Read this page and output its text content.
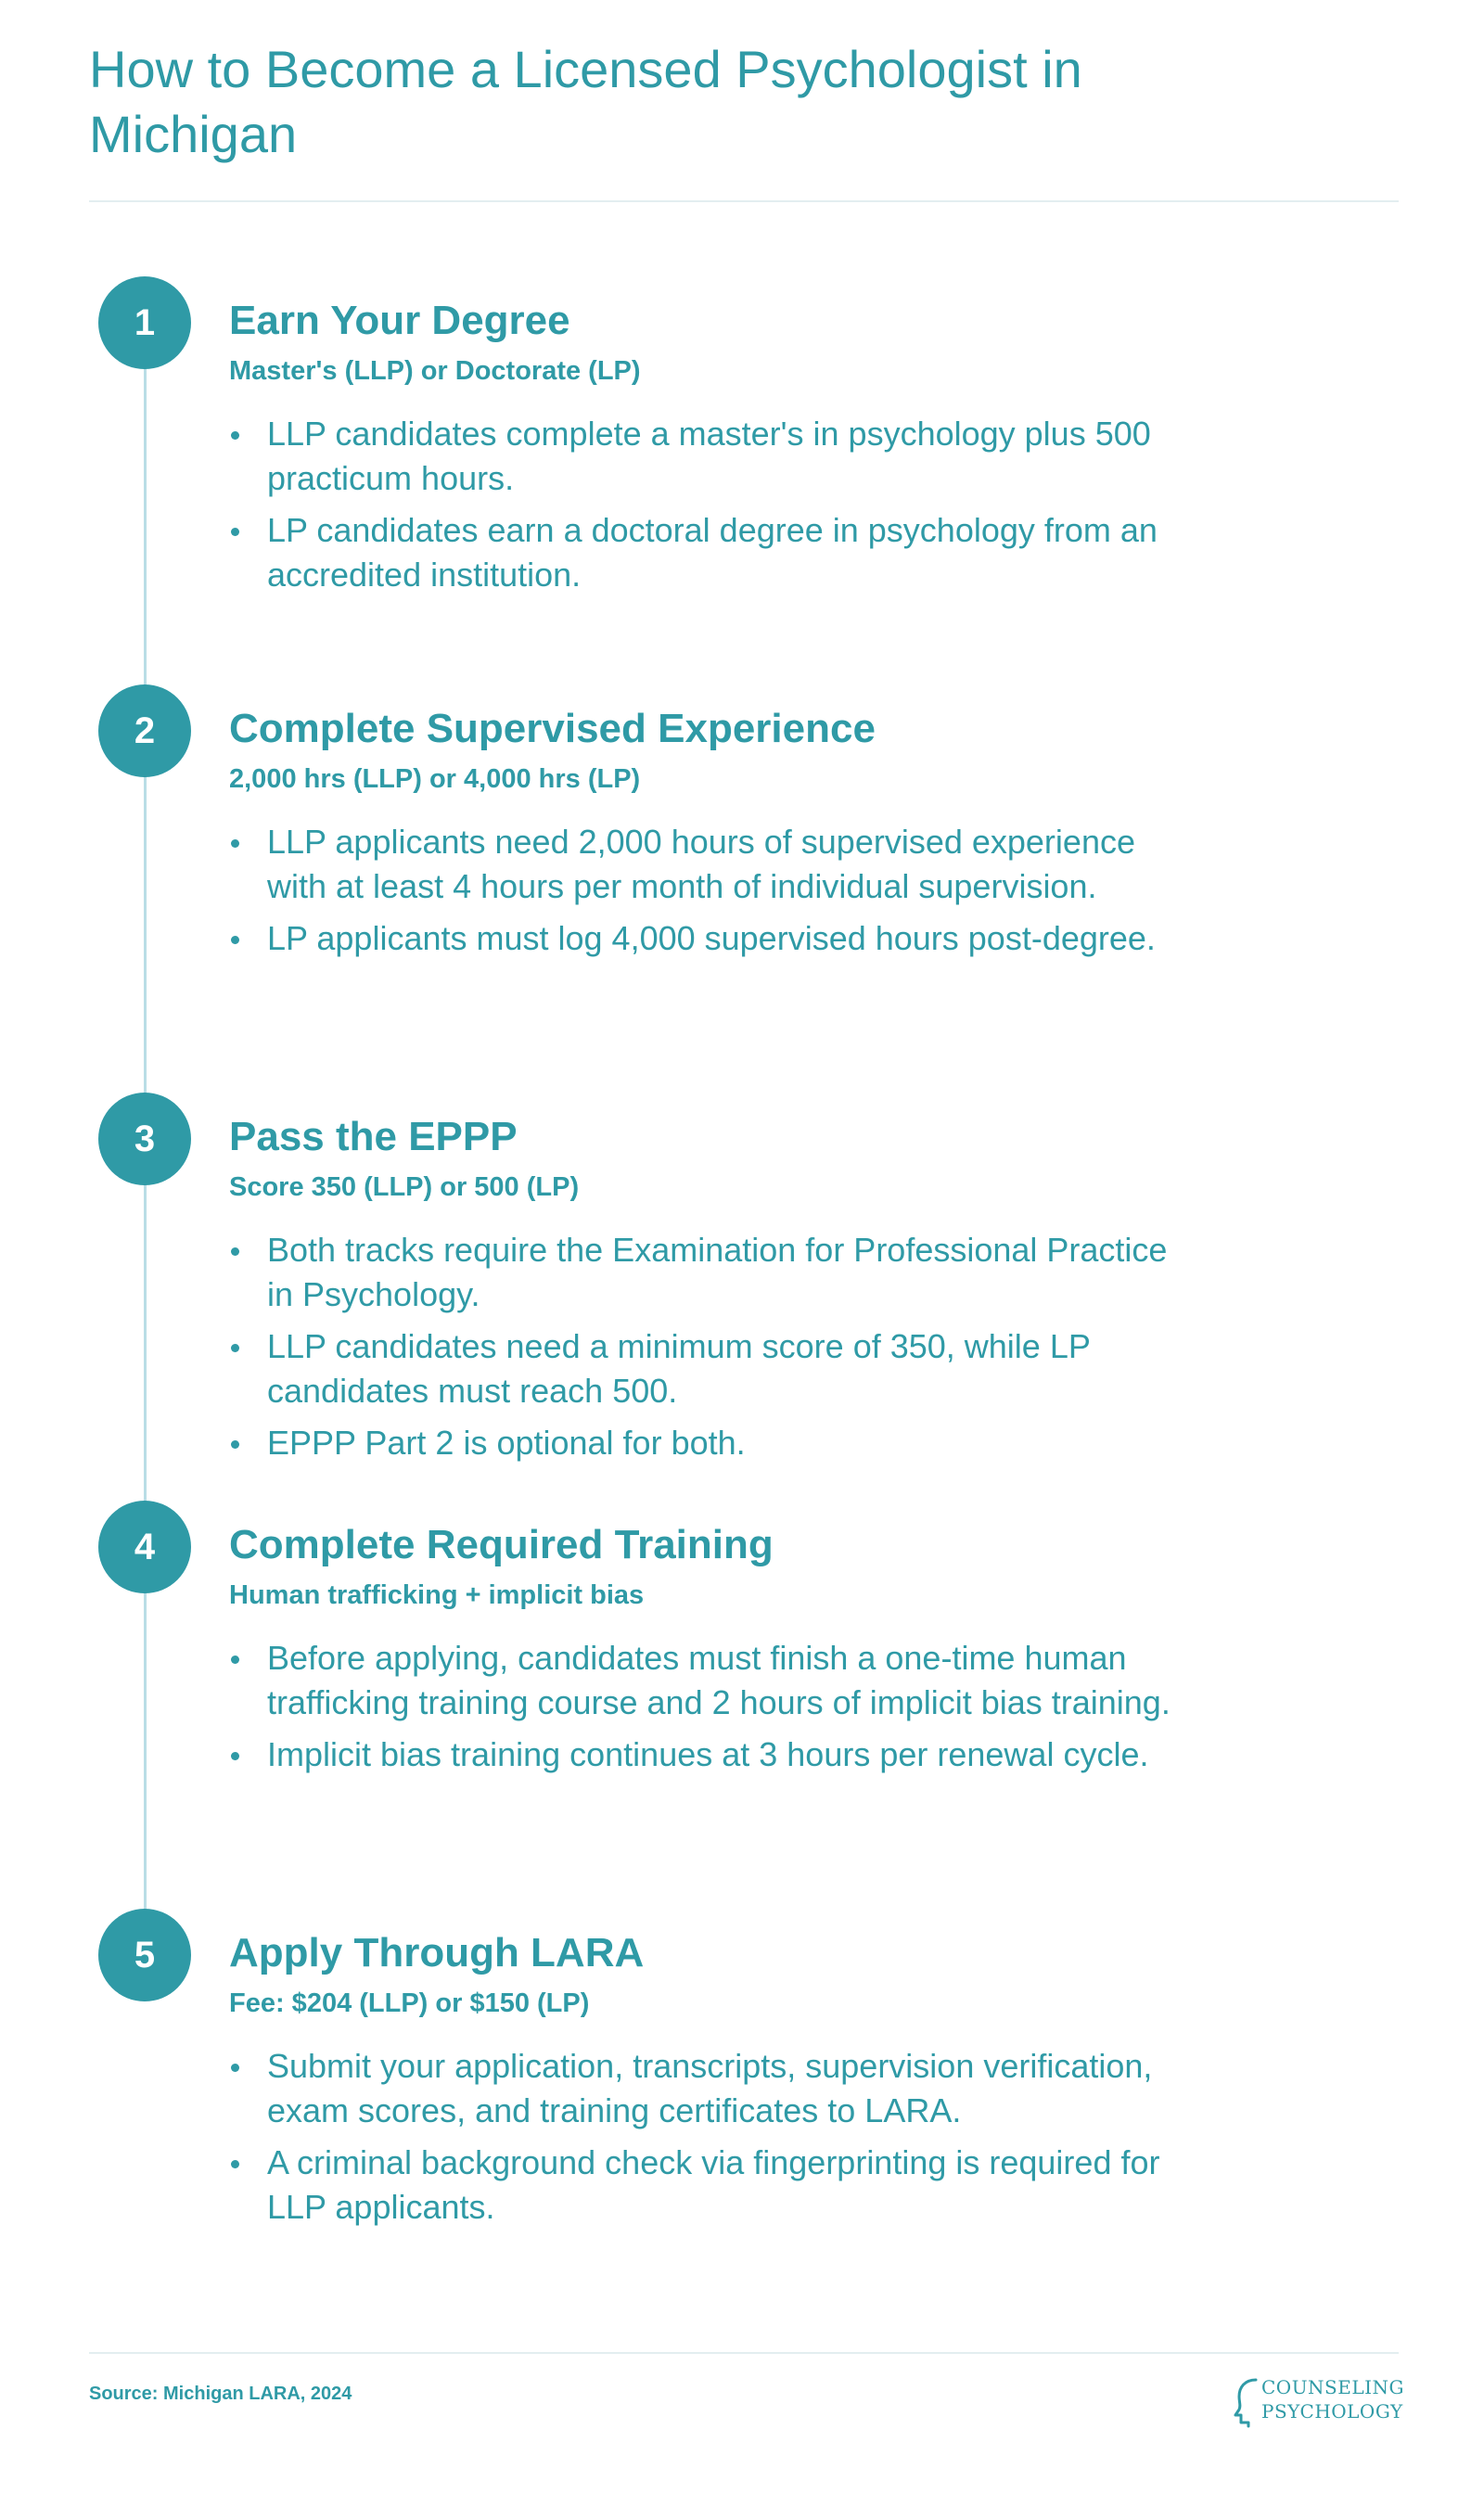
How to Become a Licensed Psychologist in Michigan
1	Earn Your Degree
Master's (LLP) or Doctorate (LP)
LLP candidates complete a master's in psychology plus 500 practicum hours.
LP candidates earn a doctoral degree in psychology from an accredited institution.
2	Complete Supervised Experience
2,000 hrs (LLP) or 4,000 hrs (LP)
LLP applicants need 2,000 hours of supervised experience with at least 4 hours per month of individual supervision.
LP applicants must log 4,000 supervised hours post-degree.
3	Pass the EPPP
Score 350 (LLP) or 500 (LP)
Both tracks require the Examination for Professional Practice in Psychology.
LLP candidates need a minimum score of 350, while LP candidates must reach 500.
EPPP Part 2 is optional for both.
4	Complete Required Training
Human trafficking + implicit bias
Before applying, candidates must finish a one-time human trafficking training course and 2 hours of implicit bias training.
Implicit bias training continues at 3 hours per renewal cycle.
5	Apply Through LARA
Fee: $204 (LLP) or $150 (LP)
Submit your application, transcripts, supervision verification, exam scores, and training certificates to LARA.
A criminal background check via fingerprinting is required for LLP applicants.
Source: Michigan LARA, 2024	COUNSELING
PSYCHOLOGY
